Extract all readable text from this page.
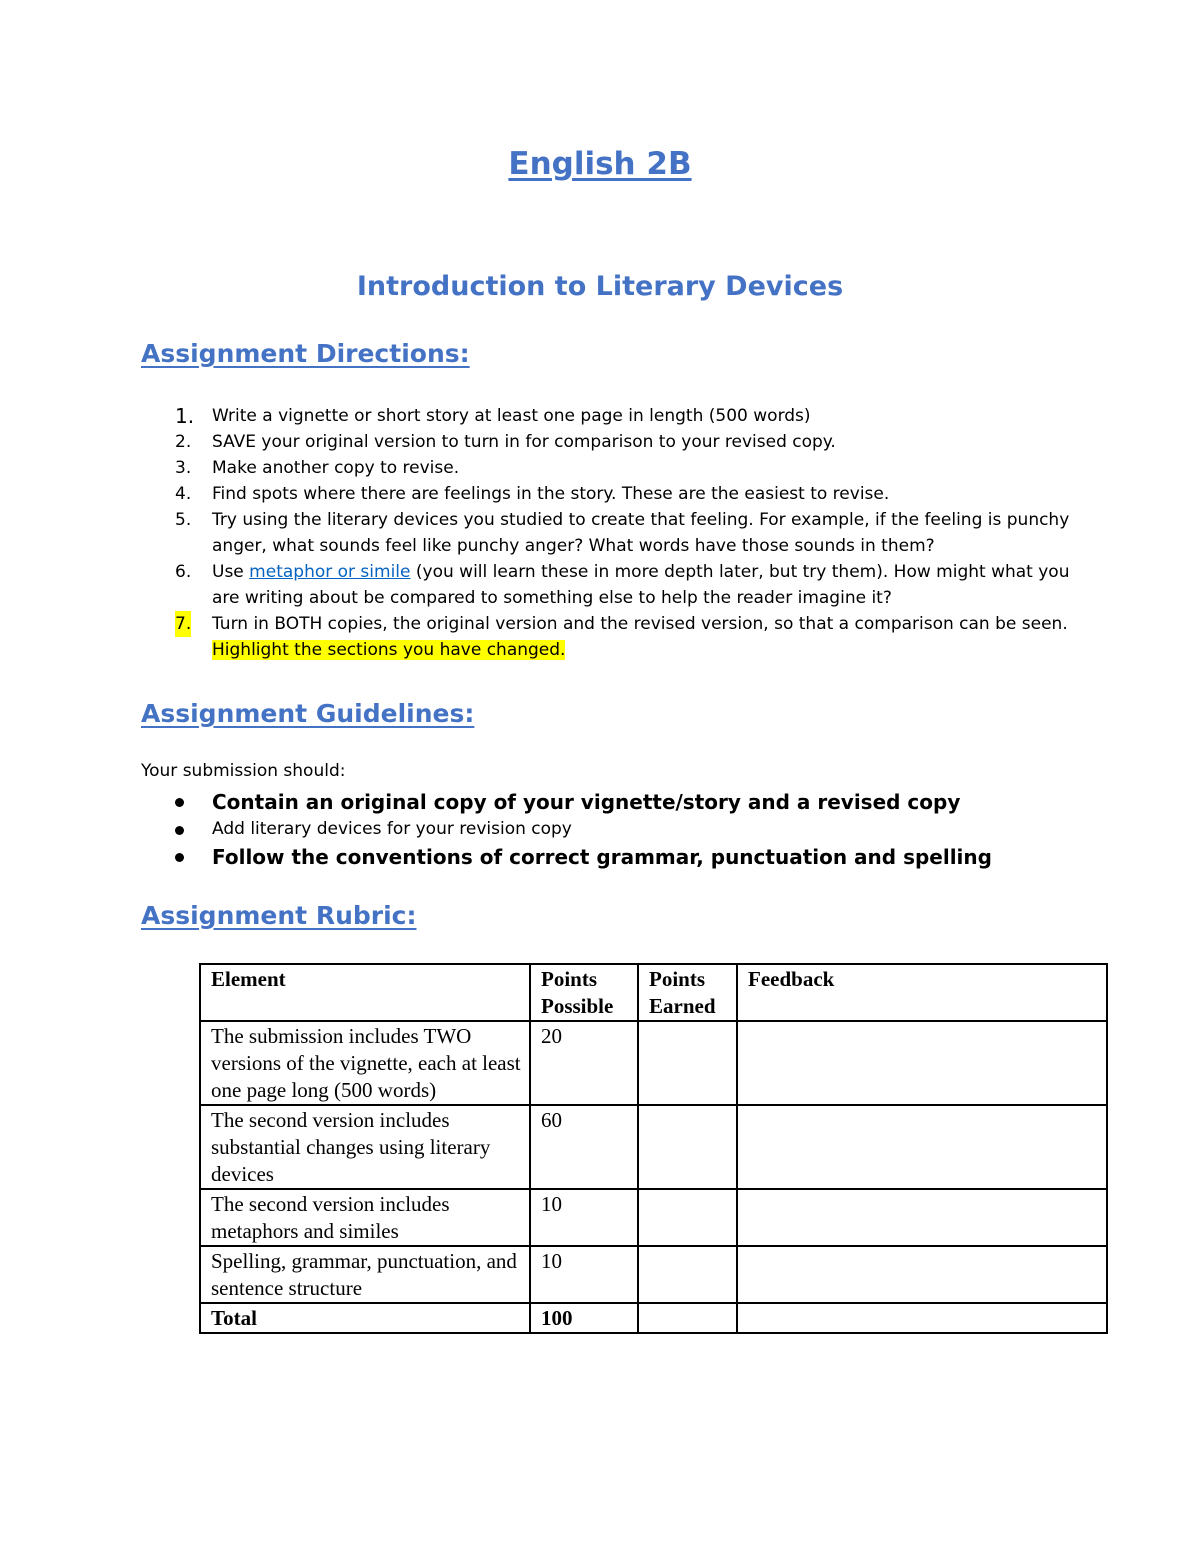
English 2B
Introduction to Literary Devices
Assignment Directions:
1. Write a vignette or short story at least one page in length (500 words)
2. SAVE your original version to turn in for comparison to your revised copy.
3. Make another copy to revise.
4. Find spots where there are feelings in the story. These are the easiest to revise.
5. Try using the literary devices you studied to create that feeling. For example, if the feeling is punchy anger, what sounds feel like punchy anger? What words have those sounds in them?
6. Use metaphor or simile (you will learn these in more depth later, but try them). How might what you are writing about be compared to something else to help the reader imagine it?
7. Turn in BOTH copies, the original version and the revised version, so that a comparison can be seen. Highlight the sections you have changed.
Assignment Guidelines:

Your submission should:

Contain an original copy of your vignette/story and a revised copy
Add literary devices for your revision copy
Follow the conventions of correct grammar, punctuation and spelling
Assignment Rubric:
Element	Points Possible	Points Earned	Feedback
The submission includes TWO versions of the vignette, each at least one page long (500 words)	20		
The second version includes substantial changes using literary devices	60		
The second version includes metaphors and similes	10		
Spelling, grammar, punctuation, and sentence structure	10		
Total	100		
